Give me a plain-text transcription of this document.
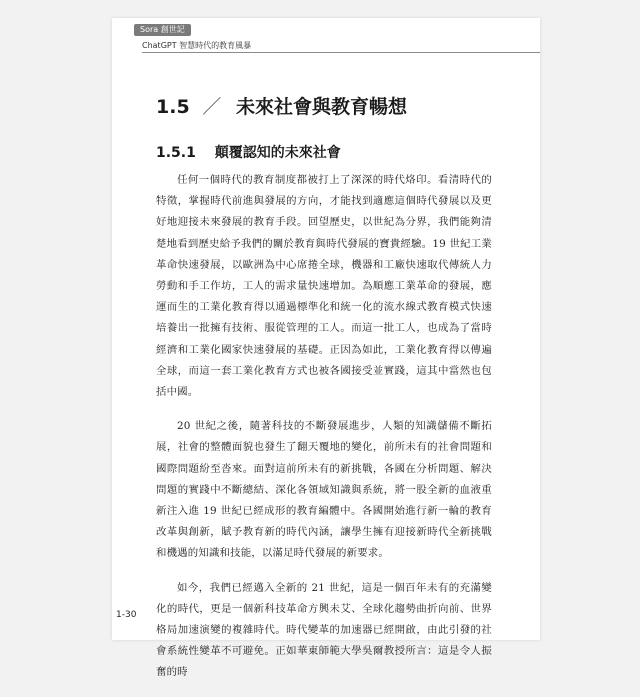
Sora 創世記
ChatGPT 智慧時代的教育風暴
1.5 ／ 未來社會與教育暢想
1.5.1 顛覆認知的未來社會

任何一個時代的教育制度都被打上了深深的時代烙印。看清時代的特徵，掌握時代前進與發展的方向，才能找到適應這個時代發展以及更好地迎接未來發展的教育手段。回望歷史，以世紀為分界，我們能夠清楚地看到歷史給予我們的關於教育與時代發展的寶貴經驗。19 世紀工業革命快速發展，以歐洲為中心席捲全球，機器和工廠快速取代傳統人力勞動和手工作坊，工人的需求量快速增加。為順應工業革命的發展，應運而生的工業化教育得以通過標準化和統一化的流水線式教育模式快速培養出一批擁有技術、服從管理的工人。而這一批工人，也成為了當時經濟和工業化國家快速發展的基礎。正因為如此，工業化教育得以傳遍全球，而這一套工業化教育方式也被各國接受並實踐，這其中當然也包括中國。

20 世紀之後，隨著科技的不斷發展進步，人類的知識儲備不斷拓展，社會的整體面貌也發生了翻天覆地的變化，前所未有的社會問題和國際問題紛至沓來。面對這前所未有的新挑戰，各國在分析問題、解決問題的實踐中不斷總結、深化各領域知識與系統，將一股全新的血液重新注入進 19 世紀已經成形的教育編體中。各國開始進行新一輪的教育改革與創新，賦予教育新的時代內涵，讓學生擁有迎接新時代全新挑戰和機遇的知識和技能，以滿足時代發展的新要求。

如今，我們已經邁入全新的 21 世紀，這是一個百年未有的充滿變化的時代，更是一個新科技革命方興未艾、全球化趨勢曲折向前、世界格局加速演變的複雜時代。時代變革的加速器已經開啟，由此引發的社會系統性變革不可避免。正如華東師範大學吳爾教授所言：這是令人振奮的時

1-30
